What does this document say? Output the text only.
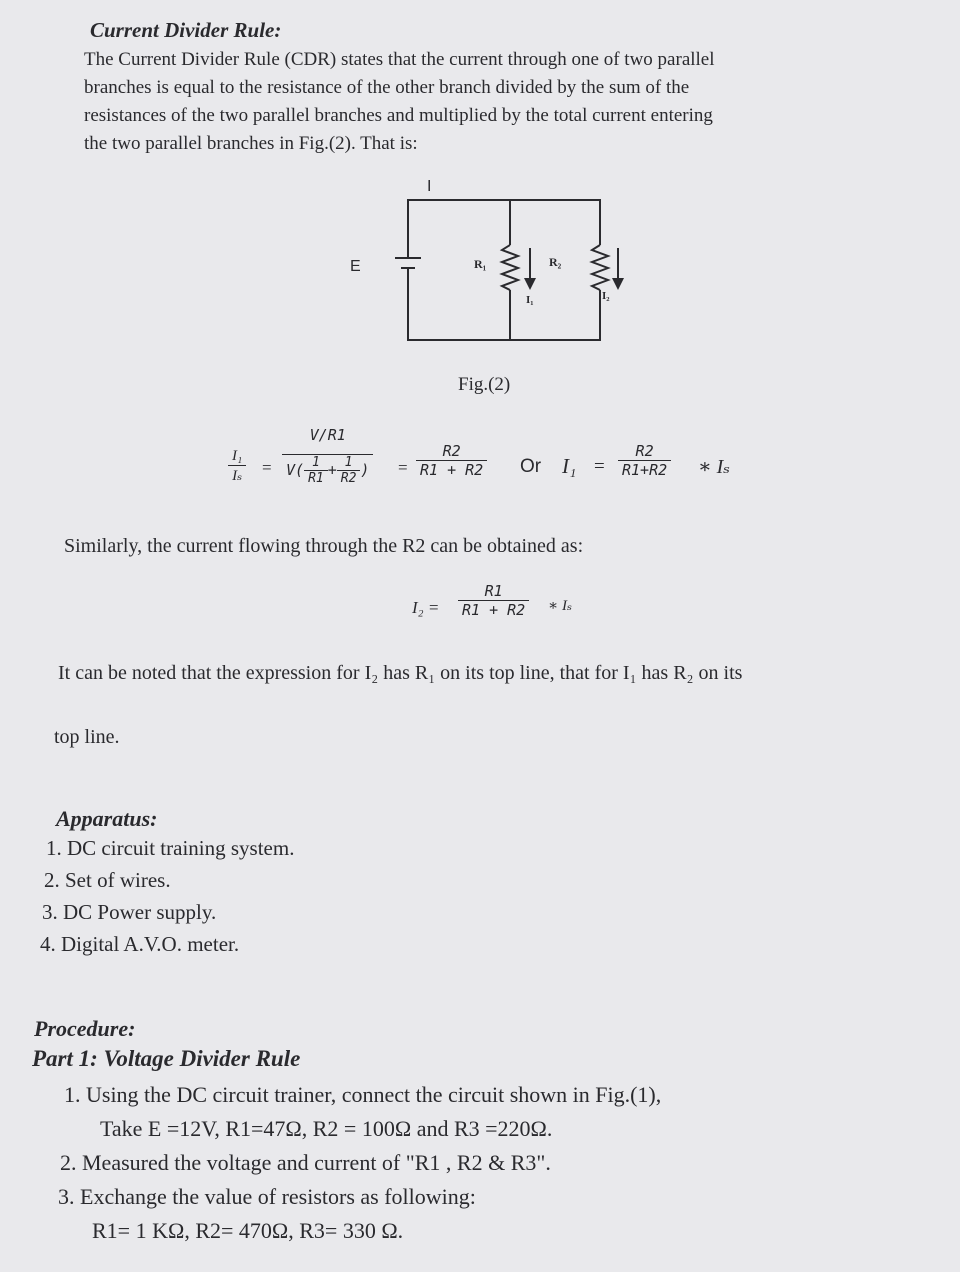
Current Divider Rule:
The Current Divider Rule (CDR) states that the current through one of two parallel
branches is equal to the resistance of the other branch divided by the sum of the
resistances of the two parallel branches and multiplied by the total current entering
the two parallel branches in Fig.(2). That is:
I
E	R₁	R₂
I₁	I₂
Fig.(2)
$\frac{\text{I₁}}{\text{Iₛ}} = \frac{V/R1}{V( \frac{1}{R1} + \frac{1}{R2} )} = \frac{R2}{R1 + R2}$ Or $I_1 = \frac{R2}{R1+R2}$ ∗ Iₛ
Similarly, the current flowing through the R2 can be obtained as:
$I_2 = \frac{R1}{R1 + R2}$ ∗ Iₛ
It can be noted that the expression for I₂ has R₁ on its top line, that for I₁ has R₂ on its
top line.
Apparatus:
1. DC circuit training system.
2. Set of wires.
3. DC Power supply.
4. Digital A.V.O. meter.
Procedure:
Part 1: Voltage Divider Rule
1. Using the DC circuit trainer, connect the circuit shown in Fig.(1),
Take E =12V, R1=47Ω, R2 = 100Ω and R3 =220Ω.
2. Measured the voltage and current of "R1 , R2 & R3".
3. Exchange the value of resistors as following:
R1= 1 KΩ, R2= 470Ω, R3= 330 Ω.
